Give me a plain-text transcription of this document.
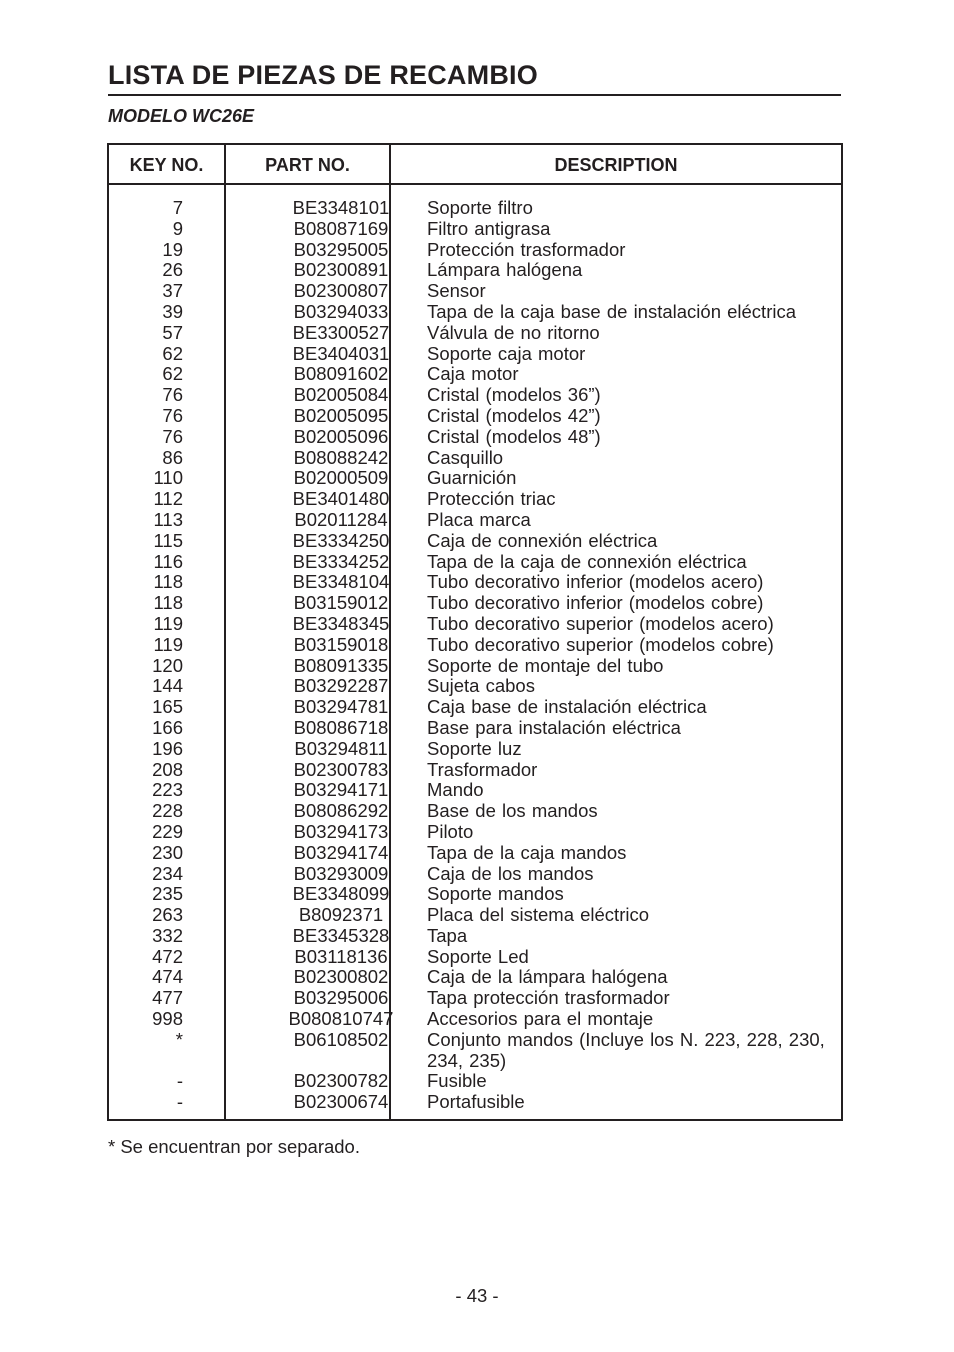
LISTA DE PIEZAS DE RECAMBIO
MODELO WC26E
KEY NO.	PART NO.	DESCRIPTION
7	BE3348101	Soporte filtro
9	B08087169	Filtro antigrasa
19	B03295005	Protección trasformador
26	B02300891	Lámpara halógena
37	B02300807	Sensor
39	B03294033	Tapa de la caja base de instalación eléctrica
57	BE3300527	Válvula de no ritorno
62	BE3404031	Soporte caja motor
62	B08091602	Caja motor
76	B02005084	Cristal (modelos 36”)
76	B02005095	Cristal (modelos 42”)
76	B02005096	Cristal (modelos 48”)
86	B08088242	Casquillo
110	B02000509	Guarnición
112	BE3401480	Protección triac
113	B02011284	Placa marca
115	BE3334250	Caja de connexión eléctrica
116	BE3334252	Tapa de la caja de connexión eléctrica
118	BE3348104	Tubo decorativo inferior (modelos acero)
118	B03159012	Tubo decorativo inferior (modelos cobre)
119	BE3348345	Tubo decorativo superior (modelos acero)
119	B03159018	Tubo decorativo superior (modelos cobre)
120	B08091335	Soporte de montaje del tubo
144	B03292287	Sujeta cabos
165	B03294781	Caja base de instalación eléctrica
166	B08086718	Base para instalación eléctrica
196	B03294811	Soporte luz
208	B02300783	Trasformador
223	B03294171	Mando
228	B08086292	Base de los mandos
229	B03294173	Piloto
230	B03294174	Tapa de la caja mandos
234	B03293009	Caja de los mandos
235	BE3348099	Soporte mandos
263	B8092371	Placa del sistema eléctrico
332	BE3345328	Tapa
472	B03118136	Soporte Led
474	B02300802	Caja de la lámpara halógena
477	B03295006	Tapa protección trasformador
998	B080810747	Accesorios para el montaje
*	B06108502	Conjunto mandos (Incluye los N. 223, 228, 230, 234, 235)
-	B02300782	Fusible
-	B02300674	Portafusible
* Se encuentran por separado.
- 43 -
